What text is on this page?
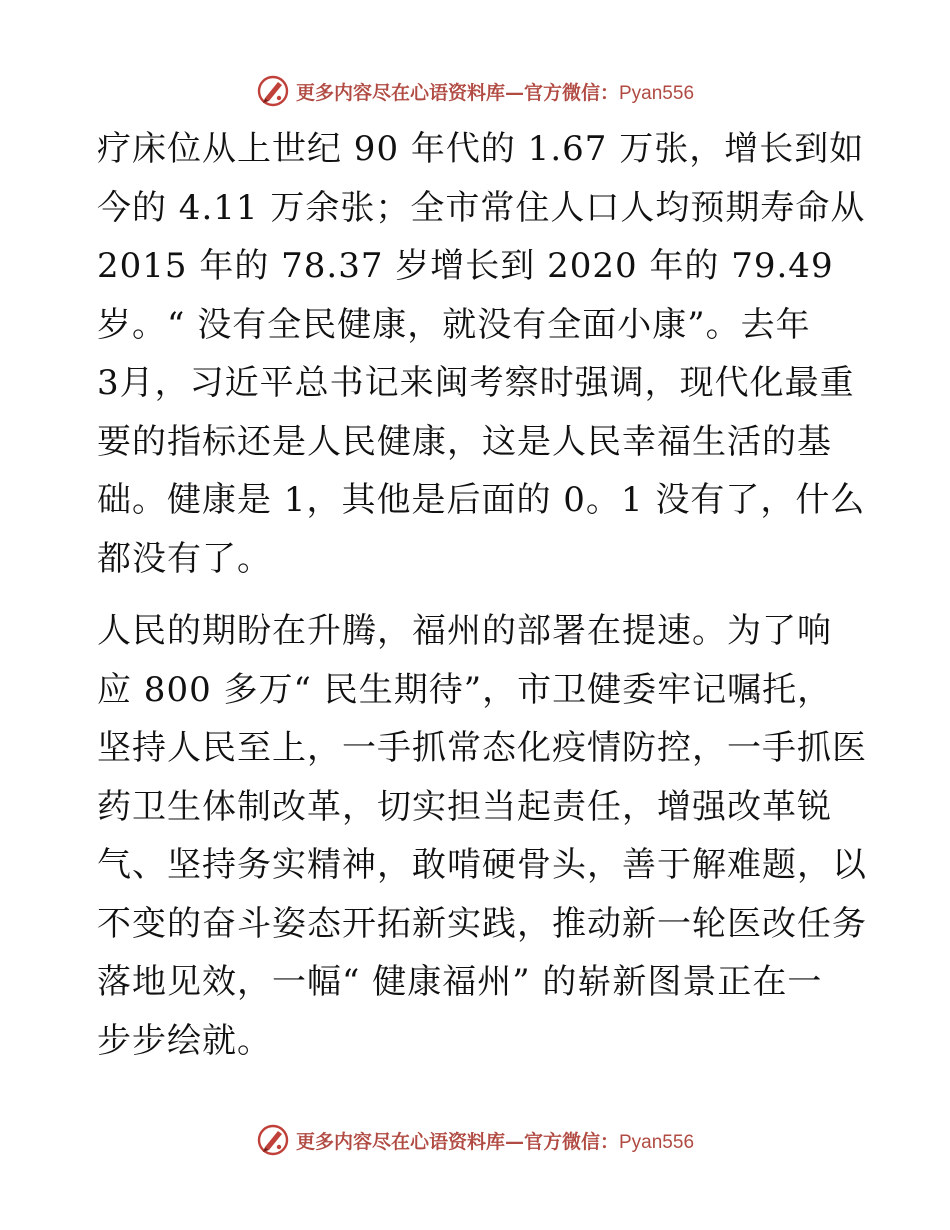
更多内容尽在心语资料库—官方微信：Pyan556

疗床位从上世纪 90 年代的 1.67 万张，增长到如
今的 4.11 万余张；全市常住人口人均预期寿命从
2015 年的 78.37 岁增长到 2020 年的 79.49
岁。“ 没有全民健康，就没有全面小康”。去年
3月，习近平总书记来闽考察时强调，现代化最重
要的指标还是人民健康，这是人民幸福生活的基
础。健康是 1，其他是后面的 0。1 没有了，什么
都没有了。

人民的期盼在升腾，福州的部署在提速。为了响
应 800 多万“ 民生期待”，市卫健委牢记嘱托，
坚持人民至上，一手抓常态化疫情防控，一手抓医
药卫生体制改革，切实担当起责任，增强改革锐
气、坚持务实精神，敢啃硬骨头，善于解难题，以
不变的奋斗姿态开拓新实践，推动新一轮医改任务
落地见效，一幅“ 健康福州” 的崭新图景正在一
步步绘就。

更多内容尽在心语资料库—官方微信：Pyan556
